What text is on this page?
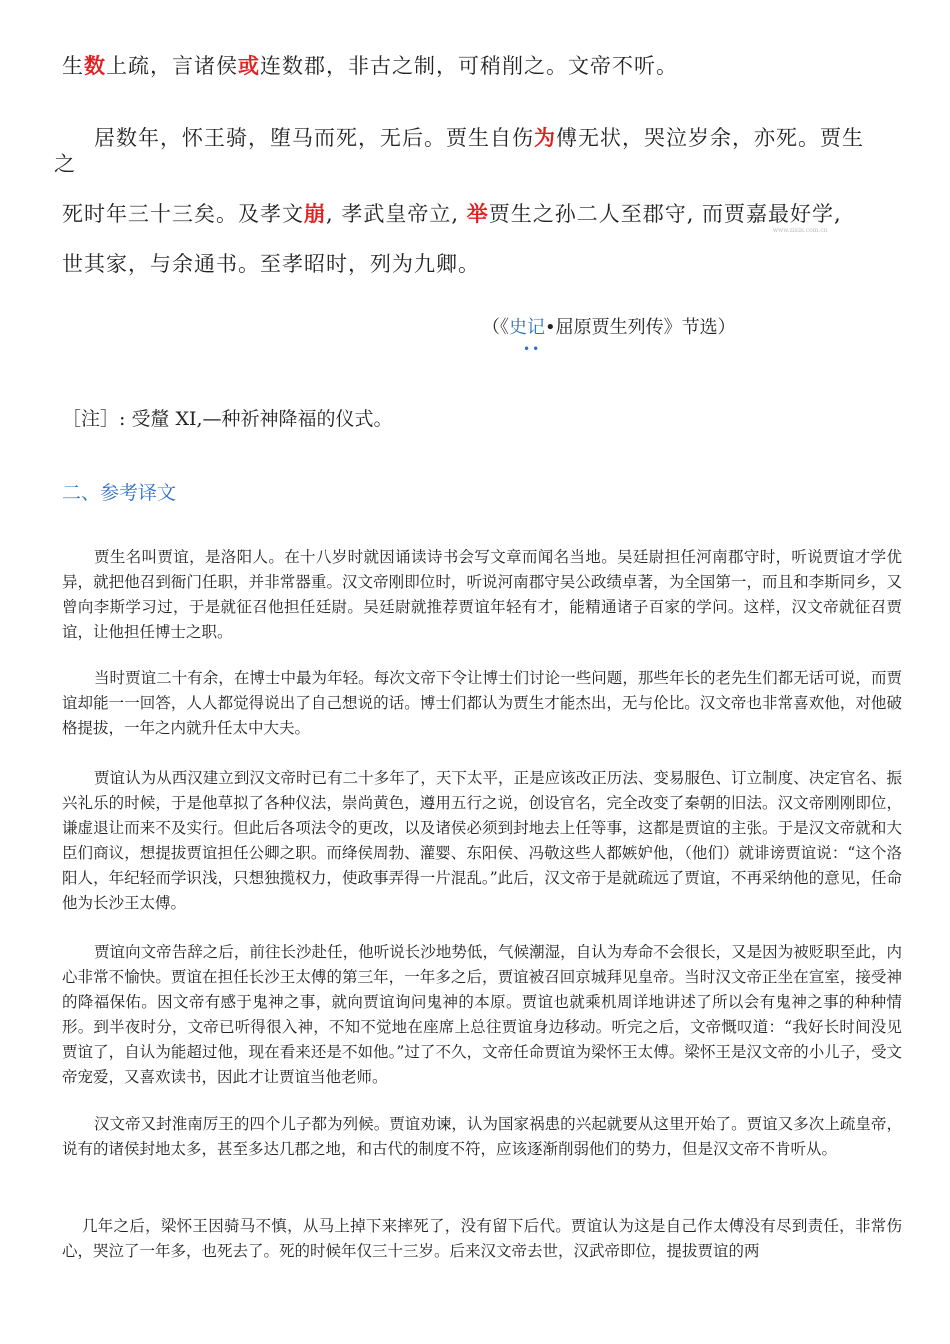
生数上疏，言诸侯或连数郡，非古之制，可稍削之。文帝不听。
居数年，怀王骑，堕马而死，无后。贾生自伤为傅无状，哭泣岁余，亦死。贾生
之
死时年三十三矣。及孝文崩, 孝武皇帝立, 举贾生之孙二人至郡守, 而贾嘉最好学,
www.zixin.com.cn
世其家，与余通书。至孝昭时，列为九卿。
（《史记•屈原贾生列传》节选）
••
［注］: 受釐 XI,—种祈神降福的仪式。
二、参考译文
贾生名叫贾谊，是洛阳人。在十八岁时就因诵读诗书会写文章而闻名当地。吴廷尉担任河南郡守时，听说贾谊才学优异，就把他召到衙门任职，并非常器重。汉文帝刚即位时，听说河南郡守吴公政绩卓著，为全国第一，而且和李斯同乡，又曾向李斯学习过，于是就征召他担任廷尉。吴廷尉就推荐贾谊年轻有才，能精通诸子百家的学问。这样，汉文帝就征召贾谊，让他担任博士之职。
当时贾谊二十有余，在博士中最为年轻。每次文帝下令让博士们讨论一些问题，那些年长的老先生们都无话可说，而贾谊却能一一回答，人人都觉得说出了自己想说的话。博士们都认为贾生才能杰出，无与伦比。汉文帝也非常喜欢他，对他破格提拔，一年之内就升任太中大夫。
贾谊认为从西汉建立到汉文帝时已有二十多年了，天下太平，正是应该改正历法、变易服色、订立制度、决定官名、振兴礼乐的时候，于是他草拟了各种仪法，崇尚黄色，遵用五行之说，创设官名，完全改变了秦朝的旧法。汉文帝刚刚即位，谦虚退让而来不及实行。但此后各项法令的更改，以及诸侯必须到封地去上任等事，这都是贾谊的主张。于是汉文帝就和大臣们商议，想提拔贾谊担任公卿之职。而绛侯周勃、灌婴、东阳侯、冯敬这些人都嫉妒他，（他们）就诽谤贾谊说：“这个洛阳人，年纪轻而学识浅，只想独揽权力，使政事弄得一片混乱。”此后，汉文帝于是就疏远了贾谊，不再采纳他的意见，任命他为长沙王太傅。
贾谊向文帝告辞之后，前往长沙赴任，他听说长沙地势低，气候潮湿，自认为寿命不会很长，又是因为被贬职至此，内心非常不愉快。贾谊在担任长沙王太傅的第三年，一年多之后，贾谊被召回京城拜见皇帝。当时汉文帝正坐在宣室，接受神的降福保佑。因文帝有感于鬼神之事，就向贾谊询问鬼神的本原。贾谊也就乘机周详地讲述了所以会有鬼神之事的种种情形。到半夜时分，文帝已听得很入神，不知不觉地在座席上总往贾谊身边移动。听完之后，文帝慨叹道：“我好长时间没见贾谊了，自认为能超过他，现在看来还是不如他。”过了不久，文帝任命贾谊为梁怀王太傅。梁怀王是汉文帝的小儿子，受文帝宠爱，又喜欢读书，因此才让贾谊当他老师。
汉文帝又封淮南厉王的四个儿子都为列候。贾谊劝谏，认为国家祸患的兴起就要从这里开始了。贾谊又多次上疏皇帝，说有的诸侯封地太多，甚至多达几郡之地，和古代的制度不符，应该逐渐削弱他们的势力，但是汉文帝不肯听从。
几年之后，梁怀王因骑马不慎，从马上掉下来摔死了，没有留下后代。贾谊认为这是自己作太傅没有尽到责任，非常伤心，哭泣了一年多，也死去了。死的时候年仅三十三岁。后来汉文帝去世，汉武帝即位，提拔贾谊的两
